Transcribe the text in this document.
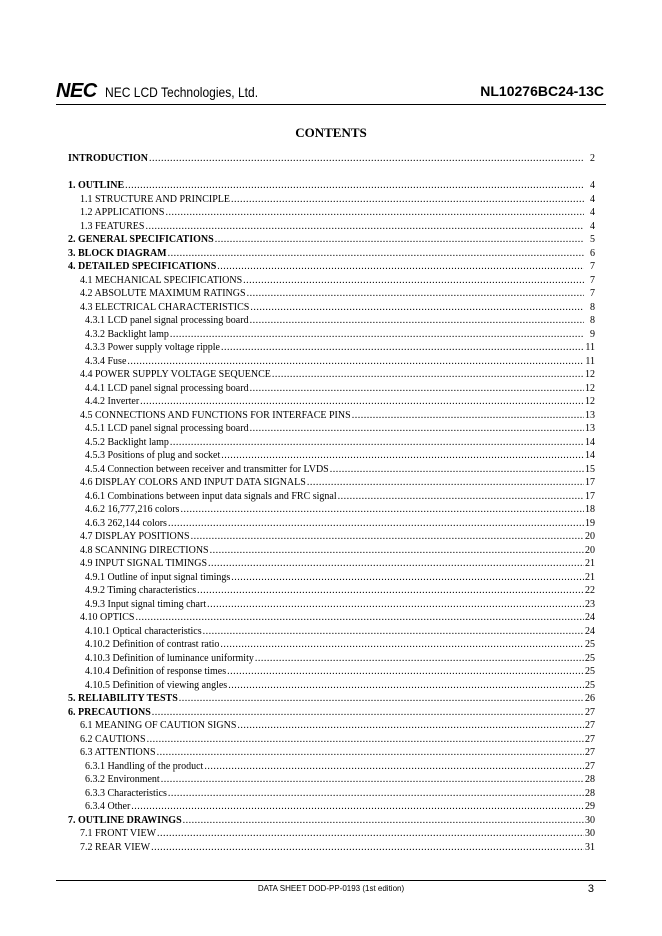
NEC NEC LCD Technologies, Ltd.	NL10276BC24-13C
CONTENTS
INTRODUCTION .....	2
1. OUTLINE .....	4
1.1 STRUCTURE AND PRINCIPLE .....	4
1.2 APPLICATIONS .....	4
1.3 FEATURES .....	4
2. GENERAL SPECIFICATIONS .....	5
3. BLOCK DIAGRAM .....	6
4. DETAILED SPECIFICATIONS .....	7
4.1 MECHANICAL SPECIFICATIONS .....	7
4.2 ABSOLUTE MAXIMUM RATINGS .....	7
4.3 ELECTRICAL CHARACTERISTICS .....	8
4.3.1 LCD panel signal processing board .....	8
4.3.2 Backlight lamp .....	9
4.3.3 Power supply voltage ripple .....	11
4.3.4 Fuse .....	11
4.4 POWER SUPPLY VOLTAGE SEQUENCE .....	12
4.4.1 LCD panel signal processing board .....	12
4.4.2 Inverter .....	12
4.5 CONNECTIONS AND FUNCTIONS FOR INTERFACE PINS .....	13
4.5.1 LCD panel signal processing board .....	13
4.5.2 Backlight lamp .....	14
4.5.3 Positions of plug and socket .....	14
4.5.4 Connection between receiver and transmitter for LVDS .....	15
4.6 DISPLAY COLORS AND INPUT DATA SIGNALS .....	17
4.6.1 Combinations between input data signals and FRC signal .....	17
4.6.2 16,777,216 colors .....	18
4.6.3 262,144 colors .....	19
4.7 DISPLAY POSITIONS .....	20
4.8 SCANNING DIRECTIONS .....	20
4.9 INPUT SIGNAL TIMINGS .....	21
4.9.1 Outline of input signal timings .....	21
4.9.2 Timing characteristics .....	22
4.9.3 Input signal timing chart .....	23
4.10 OPTICS .....	24
4.10.1 Optical characteristics .....	24
4.10.2 Definition of contrast ratio .....	25
4.10.3 Definition of luminance uniformity .....	25
4.10.4 Definition of response times .....	25
4.10.5 Definition of viewing angles .....	25
5. RELIABILITY TESTS .....	26
6. PRECAUTIONS .....	27
6.1 MEANING OF CAUTION SIGNS .....	27
6.2 CAUTIONS .....	27
6.3 ATTENTIONS .....	27
6.3.1 Handling of the product .....	27
6.3.2 Environment .....	28
6.3.3 Characteristics .....	28
6.3.4 Other .....	29
7. OUTLINE DRAWINGS .....	30
7.1 FRONT VIEW .....	30
7.2 REAR VIEW .....	31
DATA SHEET DOD-PP-0193 (1st edition)	3
